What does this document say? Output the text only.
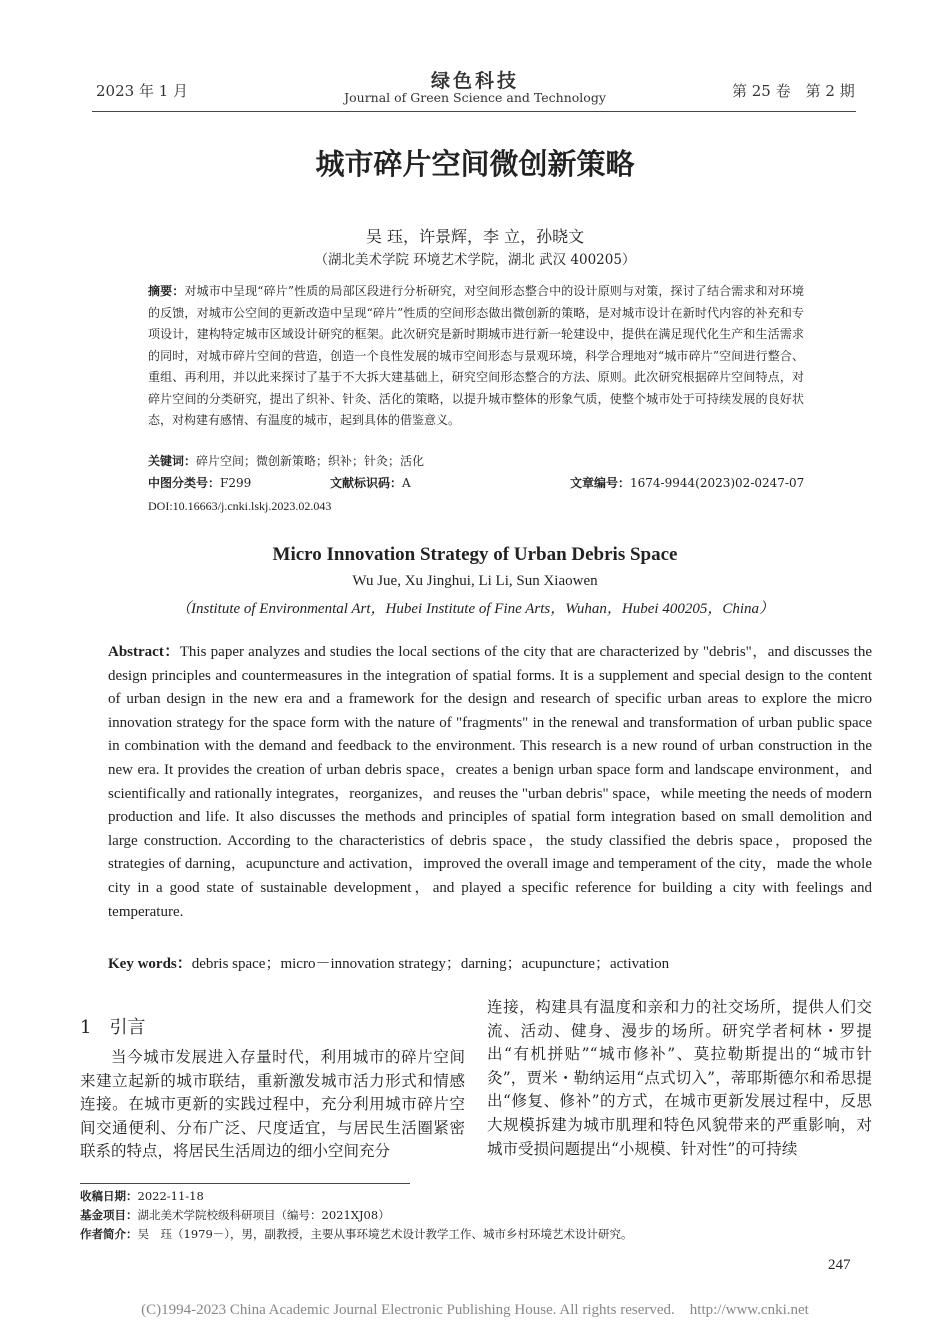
2023 年 1 月	绿色科技
Journal of Green Science and Technology	第 25 卷　第 2 期
城市碎片空间微创新策略
吴 珏，许景辉，李 立，孙晓文
（湖北美术学院 环境艺术学院，湖北 武汉 400205）
摘要：对城市中呈现“碎片”性质的局部区段进行分析研究，对空间形态整合中的设计原则与对策，探讨了结合需求和对环境的反馈，对城市公空间的更新改造中呈现“碎片”性质的空间形态做出微创新的策略，是对城市设计在新时代内容的补充和专项设计，建构特定城市区域设计研究的框架。此次研究是新时期城市进行新一轮建设中，提供在满足现代化生产和生活需求的同时，对城市碎片空间的营造，创造一个良性发展的城市空间形态与景观环境，科学合理地对“城市碎片”空间进行整合、重组、再利用，并以此来探讨了基于不大拆大建基础上，研究空间形态整合的方法、原则。此次研究根据碎片空间特点，对碎片空间的分类研究，提出了织补、针灸、活化的策略，以提升城市整体的形象气质，使整个城市处于可持续发展的良好状态，对构建有感情、有温度的城市，起到具体的借鉴意义。
关键词：碎片空间；微创新策略；织补；针灸；活化
中图分类号：F299	文献标识码：A	文章编号：1674-9944(2023)02-0247-07
DOI:10.16663/j.cnki.lskj.2023.02.043
Micro Innovation Strategy of Urban Debris Space
Wu Jue, Xu Jinghui, Li Li, Sun Xiaowen
（Institute of Environmental Art，Hubei Institute of Fine Arts，Wuhan，Hubei 400205，China）
Abstract：This paper analyzes and studies the local sections of the city that are characterized by "debris"，and discusses the design principles and countermeasures in the integration of spatial forms. It is a supplement and special design to the content of urban design in the new era and a framework for the design and research of specific urban areas to explore the micro innovation strategy for the space form with the nature of "fragments" in the renewal and transformation of urban public space in combination with the demand and feedback to the environment. This research is a new round of urban construction in the new era. It provides the creation of urban debris space，creates a benign urban space form and landscape environment，and scientifically and rationally integrates，reorganizes，and reuses the "urban debris" space，while meeting the needs of modern production and life. It also discusses the methods and principles of spatial form integration based on small demolition and large construction. According to the characteristics of debris space，the study classified the debris space，proposed the strategies of darning，acupuncture and activation，improved the overall image and temperament of the city，made the whole city in a good state of sustainable development，and played a specific reference for building a city with feelings and temperature.
Key words：debris space；micro－innovation strategy；darning；acupuncture；activation
1　引言

当今城市发展进入存量时代，利用城市的碎片空间来建立起新的城市联结，重新激发城市活力形式和情感连接。在城市更新的实践过程中，充分利用城市碎片空间交通便利、分布广泛、尺度适宜，与居民生活圈紧密联系的特点，将居民生活周边的细小空间充分

连接，构建具有温度和亲和力的社交场所，提供人们交流、活动、健身、漫步的场所。研究学者柯林・罗提出“有机拼贴”“城市修补”、莫拉勒斯提出的“城市针灸”，贾米・勒纳运用“点式切入”，蒂耶斯德尔和希思提出“修复、修补”的方式，在城市更新发展过程中，反思大规模拆建为城市肌理和特色风貌带来的严重影响，对城市受损问题提出“小规模、针对性”的可持续

收稿日期：2022-11-18
基金项目：湖北美术学院校级科研项目（编号：2021XJ08）
作者简介：吴　珏（1979－），男，副教授，主要从事环境艺术设计教学工作、城市乡村环境艺术设计研究。
247
(C)1994-2023 China Academic Journal Electronic Publishing House. All rights reserved.　http://www.cnki.net
